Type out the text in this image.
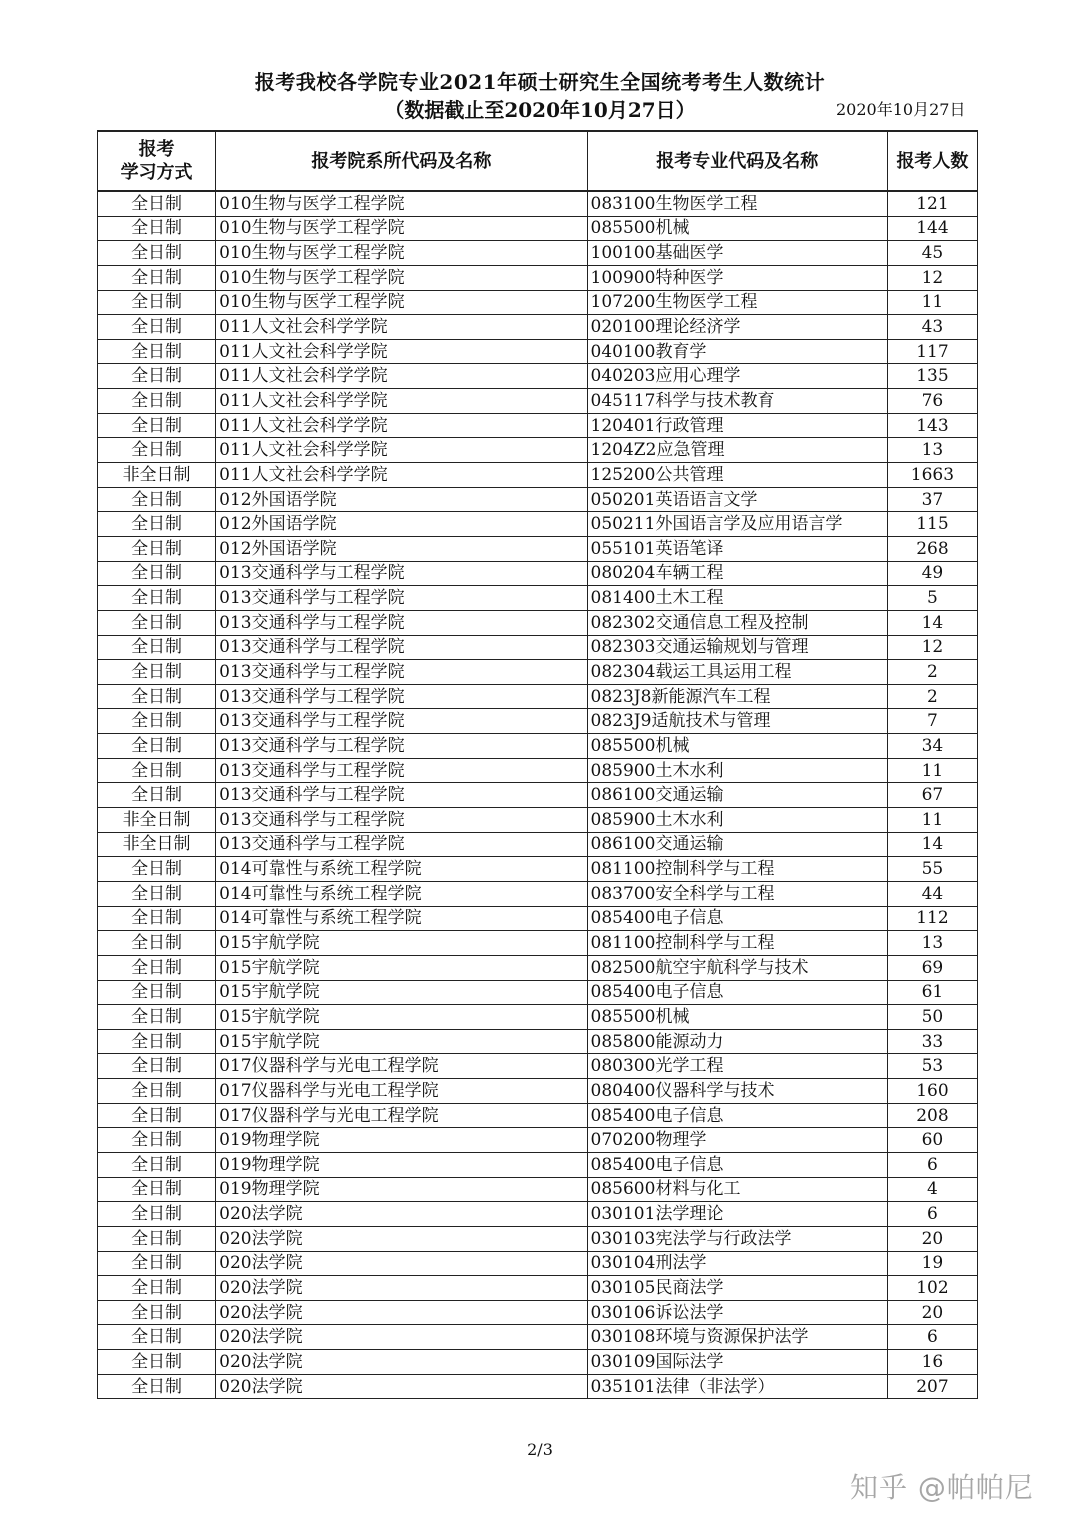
报考我校各学院专业2021年硕士研究生全国统考考生人数统计
（数据截止至2020年10月27日）	2020年10月27日
报考
学习方式	报考院系所代码及名称	报考专业代码及名称	报考人数
全日制	010生物与医学工程学院	083100生物医学工程	121
全日制	010生物与医学工程学院	085500机械	144
全日制	010生物与医学工程学院	100100基础医学	45
全日制	010生物与医学工程学院	100900特种医学	12
全日制	010生物与医学工程学院	107200生物医学工程	11
全日制	011人文社会科学学院	020100理论经济学	43
全日制	011人文社会科学学院	040100教育学	117
全日制	011人文社会科学学院	040203应用心理学	135
全日制	011人文社会科学学院	045117科学与技术教育	76
全日制	011人文社会科学学院	120401行政管理	143
全日制	011人文社会科学学院	1204Z2应急管理	13
非全日制	011人文社会科学学院	125200公共管理	1663
全日制	012外国语学院	050201英语语言文学	37
全日制	012外国语学院	050211外国语言学及应用语言学	115
全日制	012外国语学院	055101英语笔译	268
全日制	013交通科学与工程学院	080204车辆工程	49
全日制	013交通科学与工程学院	081400土木工程	5
全日制	013交通科学与工程学院	082302交通信息工程及控制	14
全日制	013交通科学与工程学院	082303交通运输规划与管理	12
全日制	013交通科学与工程学院	082304载运工具运用工程	2
全日制	013交通科学与工程学院	0823J8新能源汽车工程	2
全日制	013交通科学与工程学院	0823J9适航技术与管理	7
全日制	013交通科学与工程学院	085500机械	34
全日制	013交通科学与工程学院	085900土木水利	11
全日制	013交通科学与工程学院	086100交通运输	67
非全日制	013交通科学与工程学院	085900土木水利	11
非全日制	013交通科学与工程学院	086100交通运输	14
全日制	014可靠性与系统工程学院	081100控制科学与工程	55
全日制	014可靠性与系统工程学院	083700安全科学与工程	44
全日制	014可靠性与系统工程学院	085400电子信息	112
全日制	015宇航学院	081100控制科学与工程	13
全日制	015宇航学院	082500航空宇航科学与技术	69
全日制	015宇航学院	085400电子信息	61
全日制	015宇航学院	085500机械	50
全日制	015宇航学院	085800能源动力	33
全日制	017仪器科学与光电工程学院	080300光学工程	53
全日制	017仪器科学与光电工程学院	080400仪器科学与技术	160
全日制	017仪器科学与光电工程学院	085400电子信息	208
全日制	019物理学院	070200物理学	60
全日制	019物理学院	085400电子信息	6
全日制	019物理学院	085600材料与化工	4
全日制	020法学院	030101法学理论	6
全日制	020法学院	030103宪法学与行政法学	20
全日制	020法学院	030104刑法学	19
全日制	020法学院	030105民商法学	102
全日制	020法学院	030106诉讼法学	20
全日制	020法学院	030108环境与资源保护法学	6
全日制	020法学院	030109国际法学	16
全日制	020法学院	035101法律（非法学）	207
2/3
知乎 @帕帕尼
